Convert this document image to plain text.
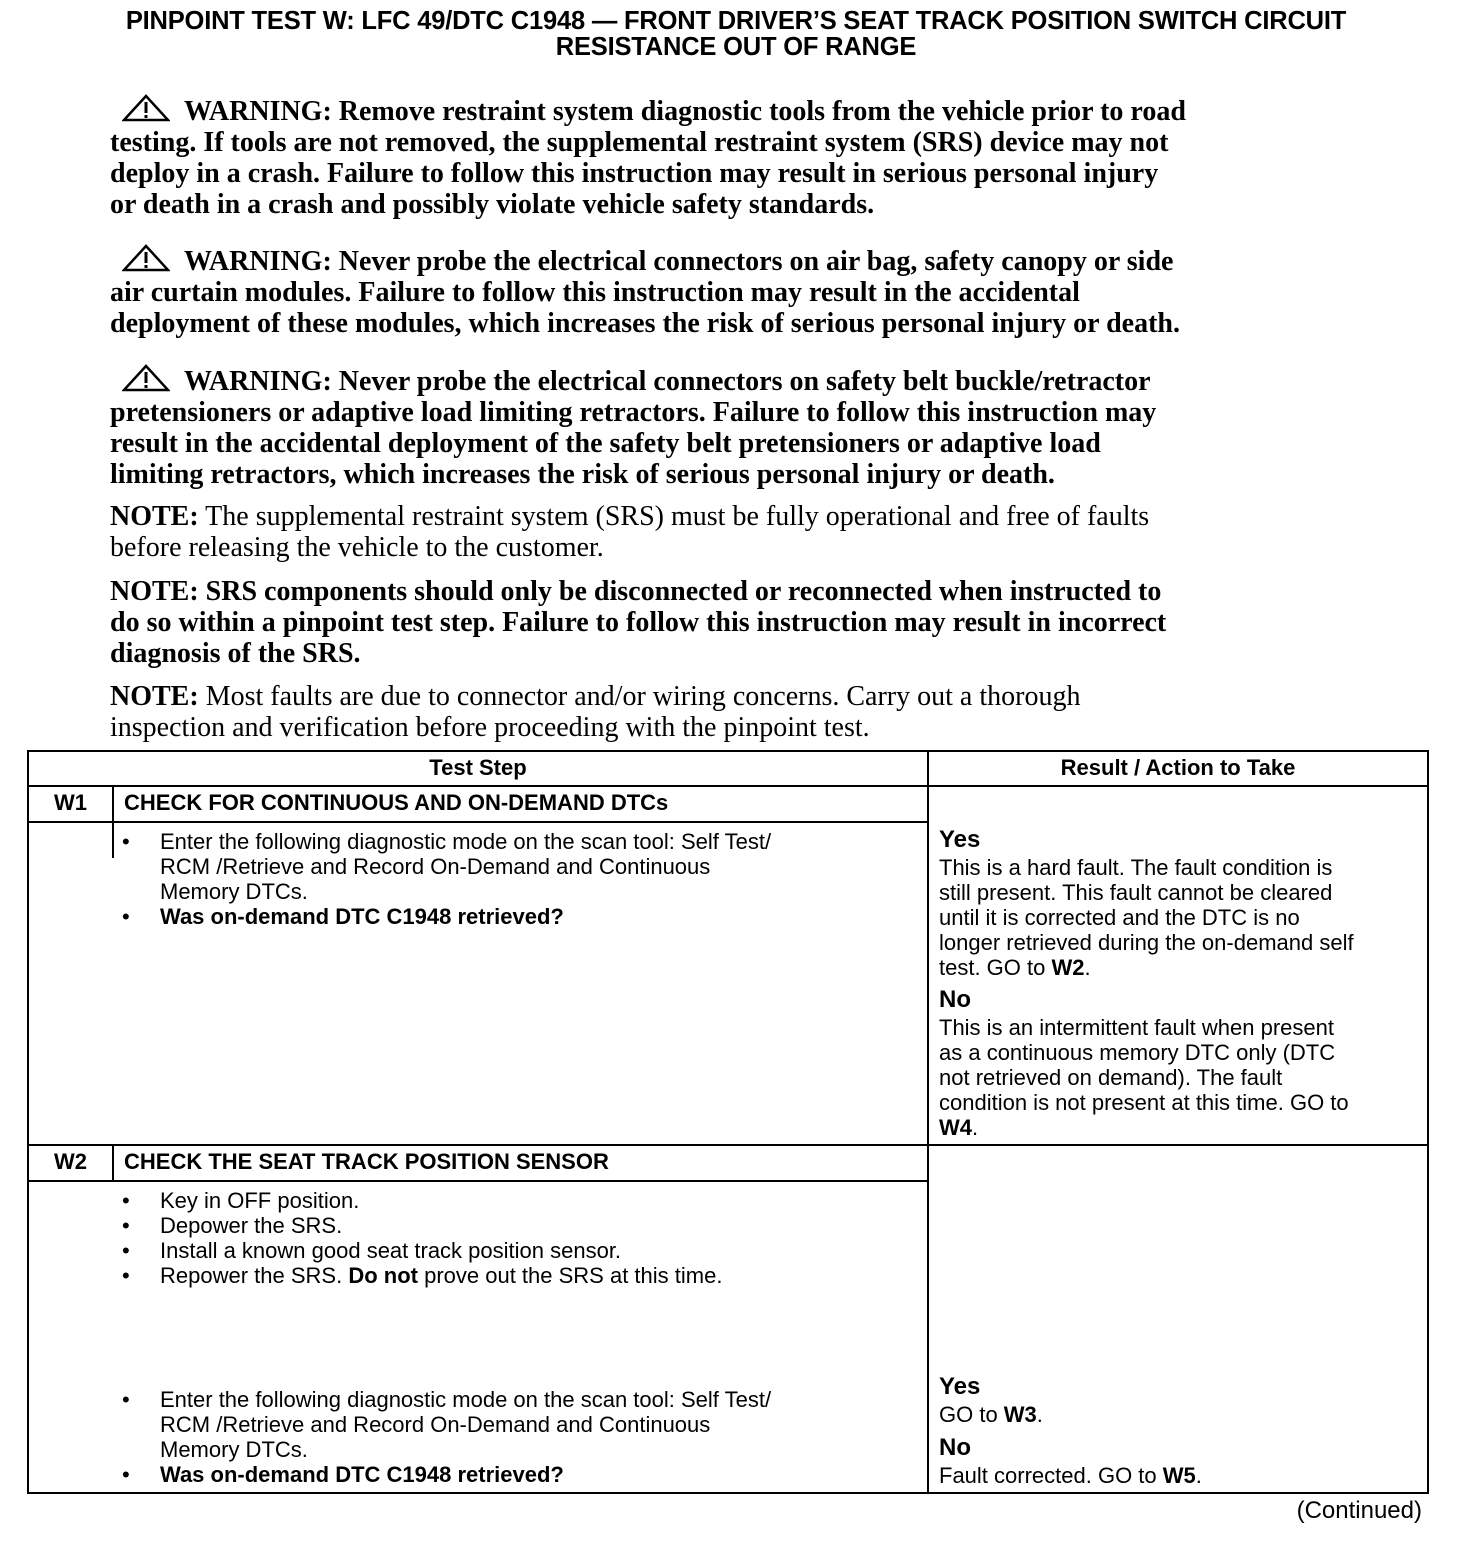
PINPOINT TEST W: LFC 49/DTC C1948 — FRONT DRIVER’S SEAT TRACK POSITION SWITCH CIRCUIT
RESISTANCE OUT OF RANGE
WARNING: Remove restraint system diagnostic tools from the vehicle prior to road
testing. If tools are not removed, the supplemental restraint system (SRS) device may not
deploy in a crash. Failure to follow this instruction may result in serious personal injury
or death in a crash and possibly violate vehicle safety standards.
WARNING: Never probe the electrical connectors on air bag, safety canopy or side
air curtain modules. Failure to follow this instruction may result in the accidental
deployment of these modules, which increases the risk of serious personal injury or death.
WARNING: Never probe the electrical connectors on safety belt buckle/retractor
pretensioners or adaptive load limiting retractors. Failure to follow this instruction may
result in the accidental deployment of the safety belt pretensioners or adaptive load
limiting retractors, which increases the risk of serious personal injury or death.
NOTE: The supplemental restraint system (SRS) must be fully operational and free of faults
before releasing the vehicle to the customer.
NOTE: SRS components should only be disconnected or reconnected when instructed to
do so within a pinpoint test step. Failure to follow this instruction may result in incorrect
diagnosis of the SRS.
NOTE: Most faults are due to connector and/or wiring concerns. Carry out a thorough
inspection and verification before proceeding with the pinpoint test.
Test Step	Result / Action to Take
W1	CHECK FOR CONTINUOUS AND ON-DEMAND DTCs
• Enter the following diagnostic mode on the scan tool: Self Test/
RCM /Retrieve and Record On-Demand and Continuous
Memory DTCs.
• Was on-demand DTC C1948 retrieved?
Yes
This is a hard fault. The fault condition is
still present. This fault cannot be cleared
until it is corrected and the DTC is no
longer retrieved during the on-demand self
test. GO to W2.
No
This is an intermittent fault when present
as a continuous memory DTC only (DTC
not retrieved on demand). The fault
condition is not present at this time. GO to
W4.
W2	CHECK THE SEAT TRACK POSITION SENSOR
• Key in OFF position.
• Depower the SRS.
• Install a known good seat track position sensor.
• Repower the SRS. Do not prove out the SRS at this time.
• Enter the following diagnostic mode on the scan tool: Self Test/
RCM /Retrieve and Record On-Demand and Continuous
Memory DTCs.
• Was on-demand DTC C1948 retrieved?
Yes
GO to W3.
No
Fault corrected. GO to W5.
(Continued)
